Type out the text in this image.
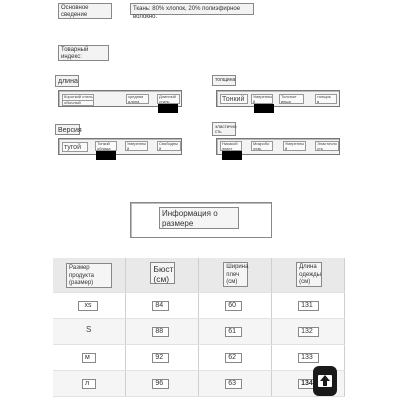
Основное
сведение
Ткань: 80% хлопок, 20% полиэфирное волокно.
Товарный
индекс:
длина
Короткий стиль
обычный
средняя
длина
Длинный
стиль
толщина
Тонкий	Умеренны
й
Толстые
вещи
толщиь
в
Версия
тугой
Тонкий
облада
Умеренны
й
Свободны
й
эластично
сть
Никакой
эласт
Микробо
лезь
Умеренны
й
Эластично
сть
Информация о
размере
Размер
продукта
(размер)	Бюст
(см)	Ширина
плеч
(см)	Длина
одежды
(см)

xs	84	60	131

S	88	61	132

м	92	62	133

л	96	63	134
